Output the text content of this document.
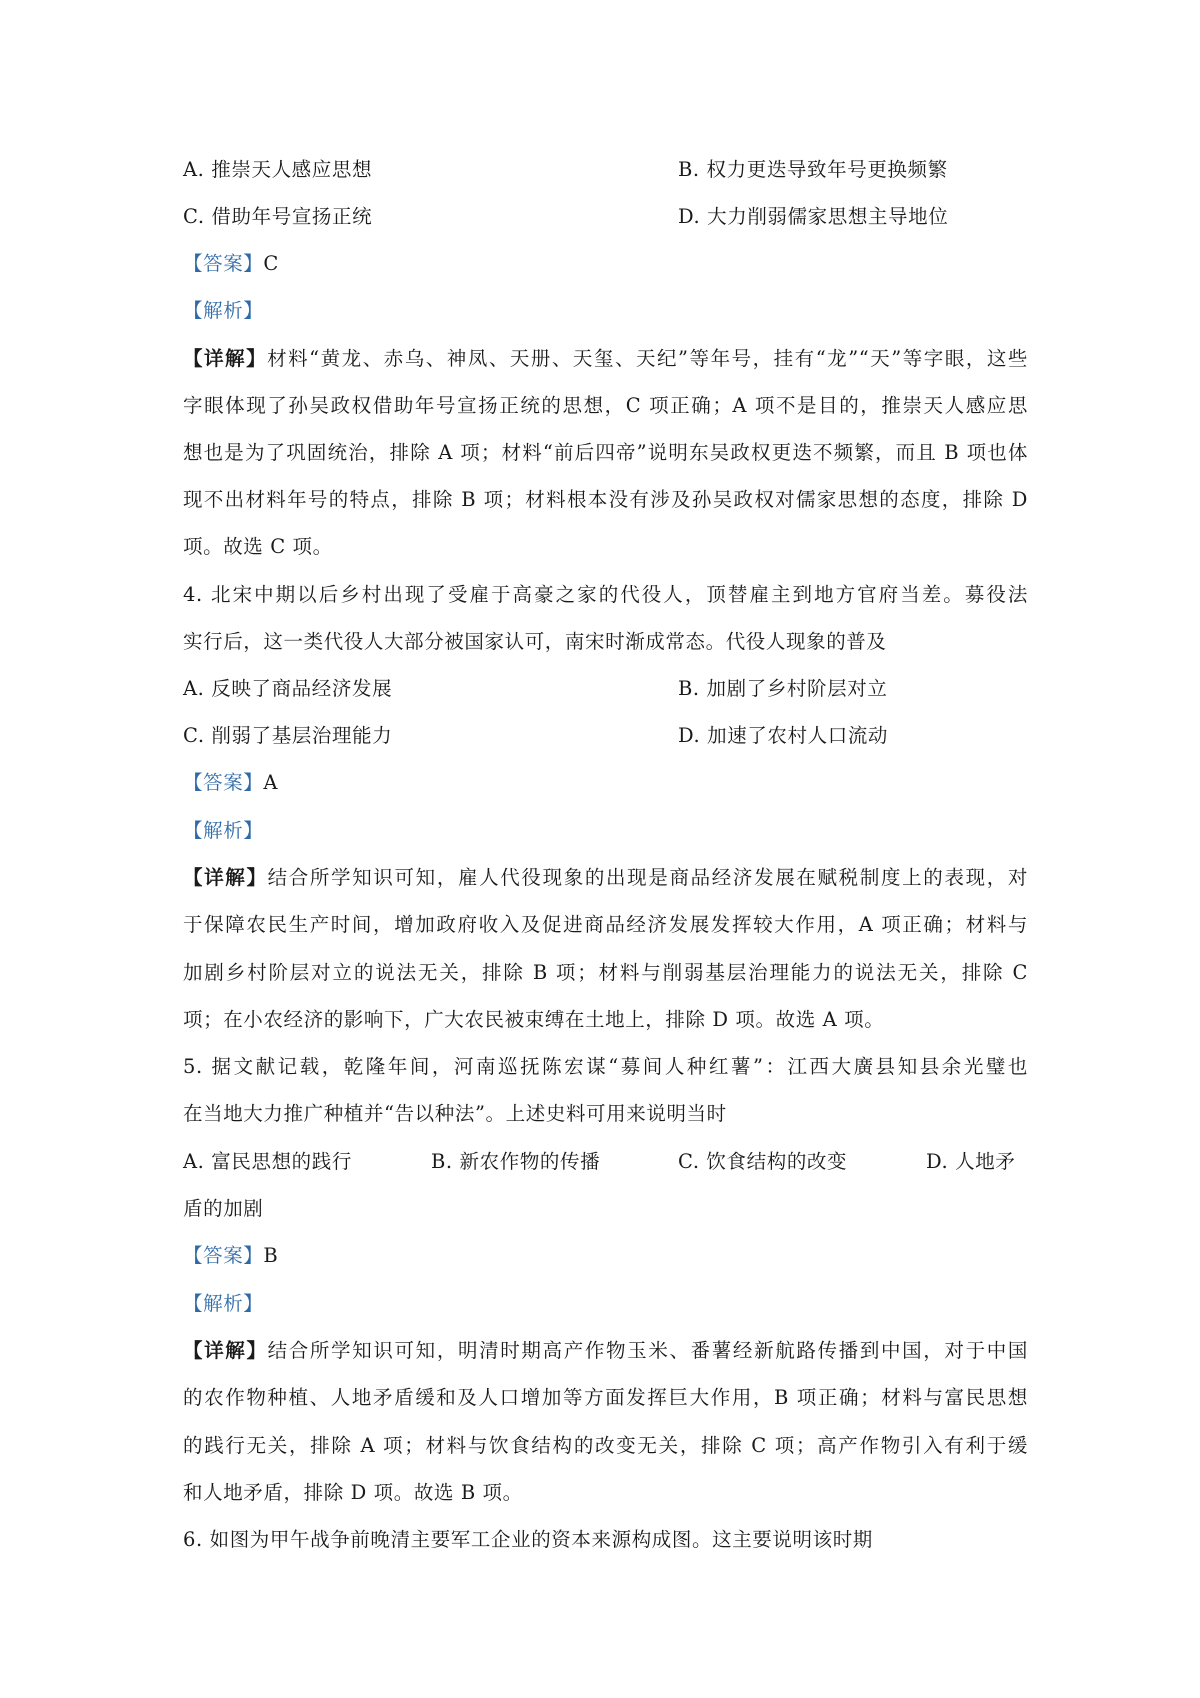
A. 推崇天人感应思想	B. 权力更迭导致年号更换频繁
C. 借助年号宣扬正统	D. 大力削弱儒家思想主导地位
【答案】C
【解析】
【详解】材料“黄龙、赤乌、神凤、天册、天玺、天纪”等年号，挂有“龙”“天”等字眼，这些
字眼体现了孙吴政权借助年号宣扬正统的思想，C 项正确；A 项不是目的，推崇天人感应思
想也是为了巩固统治，排除 A 项；材料“前后四帝”说明东吴政权更迭不频繁，而且 B 项也体
现不出材料年号的特点，排除 B 项；材料根本没有涉及孙吴政权对儒家思想的态度，排除 D
项。故选 C 项。
4. 北宋中期以后乡村出现了受雇于高豪之家的代役人，顶替雇主到地方官府当差。募役法
实行后，这一类代役人大部分被国家认可，南宋时渐成常态。代役人现象的普及
A. 反映了商品经济发展	B. 加剧了乡村阶层对立
C. 削弱了基层治理能力	D. 加速了农村人口流动
【答案】A
【解析】
【详解】结合所学知识可知，雇人代役现象的出现是商品经济发展在赋税制度上的表现，对
于保障农民生产时间，增加政府收入及促进商品经济发展发挥较大作用，A 项正确；材料与
加剧乡村阶层对立的说法无关，排除 B 项；材料与削弱基层治理能力的说法无关，排除 C
项；在小农经济的影响下，广大农民被束缚在土地上，排除 D 项。故选 A 项。
5. 据文献记载，乾隆年间，河南巡抚陈宏谋“募间人种红薯”：江西大廣县知县余光璧也
在当地大力推广种植并“告以种法”。上述史料可用来说明当时
A. 富民思想的践行	B. 新农作物的传播	C. 饮食结构的改变	D. 人地矛
盾的加剧
【答案】B
【解析】
【详解】结合所学知识可知，明清时期高产作物玉米、番薯经新航路传播到中国，对于中国
的农作物种植、人地矛盾缓和及人口增加等方面发挥巨大作用，B 项正确；材料与富民思想
的践行无关，排除 A 项；材料与饮食结构的改变无关，排除 C 项；高产作物引入有利于缓
和人地矛盾，排除 D 项。故选 B 项。
6. 如图为甲午战争前晚清主要军工企业的资本来源构成图。这主要说明该时期
